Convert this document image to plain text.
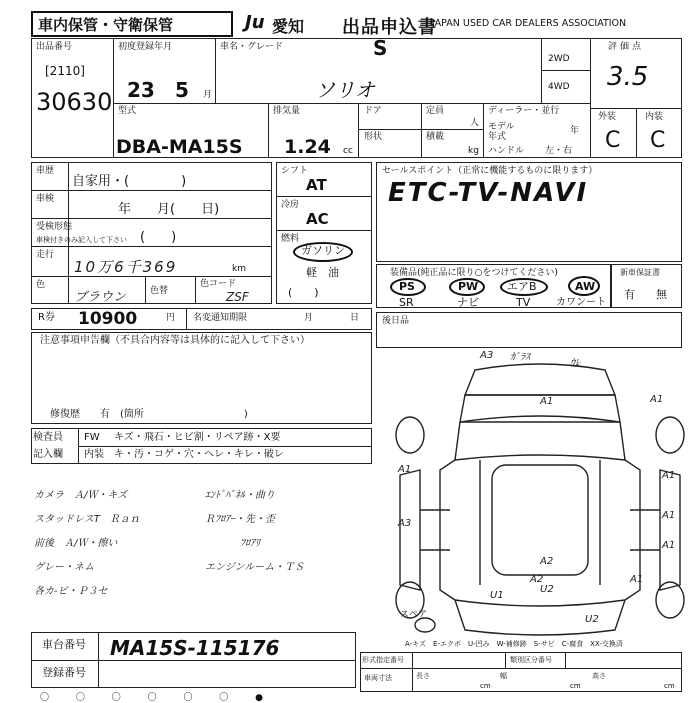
車内保管・守衛保管	Ju 愛知 出品申込書
JAPAN USED CAR DEALERS ASSOCIATION
出品番号
[2110]
30630
初度登録年月
23 5 月
車名・グレード	S
ソリオ
2WD
4WD
評価点
3.5
外装	内装
C C
型式
DBA-MA15S
排気量
1.24 cc
ドア
形状
定員
人
積載
kg
ディーラー・並行
モデル年式
年
ハンドル 左・右
車歴
自家用・(　　　　)
車検
年　　月(　　日)
受検形態
車検付きのみ記入して下さい (　　)
走行
10万6千369	km
色
ブラウン	色替
色コード
ZSF
シフト
AT
冷房
AC
燃料
ガソリン
軽　油
(　　)
セールスポイント（正常に機能するものに限ります）
ETC-TV-NAVI
装備品(純正品に限り○をつけてください)
PS	PW	エアB	AW
SR	ナビ	TV	カワンート
新車保証書
有 無
R券 10900	円 名変通知期限	月	日	後日品
注意事項申告欄（不具合内容等は具体的に記入して下さい）
修復歴　　有　(箇所　　　　　　　　　　)
検査員
記入欄
FW キズ・飛石・ヒビ割・リペア跡・X要
内装 キ・汚・コゲ・穴・ヘレ・キレ・破レ
カメラ　Ａ/Ｗ・キズ
スタッドレスT　Ｒａｎ
前後　Ａ/Ｗ・擦い
グレー・ネム
各カ-ビ・Ｐ３セ
ｴﾝﾄﾞﾊﾟﾈﾙ・曲り
Ｒﾌﾛｱｰ・先・歪
ﾌﾛｱﾘ
エンジンルーム・ＴＳ
A3 ｶﾞﾗｽ
ｳﾚ
A1	A1
A1
A1
A1
A1
A3
A1
A2
U2
A2
U1
U2
スペア
A-キズ　E-エクボ　U-凹み　W-補修跡　S-サビ　C-腐食　XX-交換済
車台番号 MA15S-115176
登録番号
形式指定番号	類別区分番号
車両寸法	長さ
cm
幅
cm
高さ
cm
〇 〇 〇 〇 〇 〇 ●
